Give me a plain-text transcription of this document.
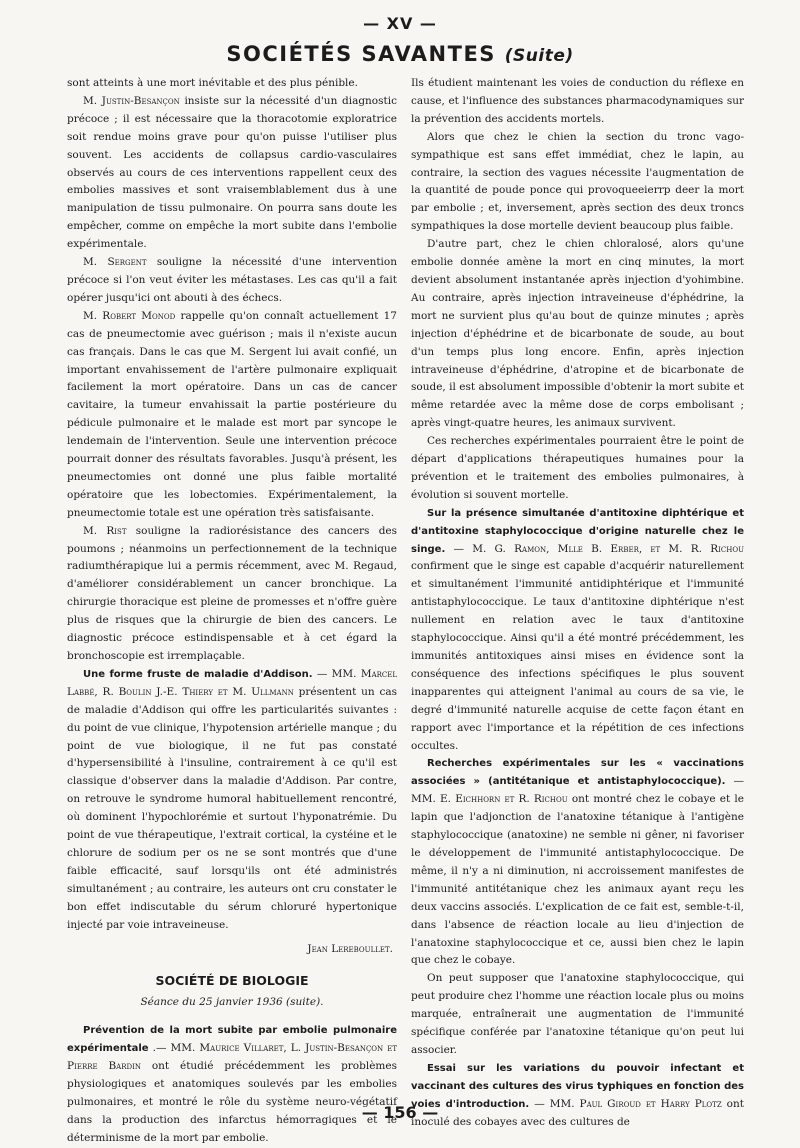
— XV —
SOCIÉTÉS SAVANTES (Suite)

sont atteints à une mort inévitable et des plus pénible.

M. Justin-Besançon insiste sur la nécessité d'un diagnostic précoce ; il est nécessaire que la thoracotomie exploratrice soit rendue moins grave pour qu'on puisse l'utiliser plus souvent. Les accidents de collapsus cardio-vasculaires observés au cours de ces interventions rappellent ceux des embolies massives et sont vraisemblablement dus à une manipulation de tissu pulmonaire. On pourra sans doute les empêcher, comme on empêche la mort subite dans l'embolie expérimentale.

M. Sergent souligne la nécessité d'une intervention précoce si l'on veut éviter les métastases. Les cas qu'il a fait opérer jusqu'ici ont abouti à des échecs.

M. Robert Monod rappelle qu'on connaît actuellement 17 cas de pneumectomie avec guérison ; mais il n'existe aucun cas français. Dans le cas que M. Sergent lui avait confié, un important envahissement de l'artère pulmonaire expliquait facilement la mort opératoire. Dans un cas de cancer cavitaire, la tumeur envahissait la partie postérieure du pédicule pulmonaire et le malade est mort par syncope le lendemain de l'intervention. Seule une intervention précoce pourrait donner des résultats favorables. Jusqu'à présent, les pneumectomies ont donné une plus faible mortalité opératoire que les lobectomies. Expérimentalement, la pneumectomie totale est une opération très satisfaisante.

M. Rist souligne la radiorésistance des cancers des poumons ; néanmoins un perfectionnement de la technique radiumthérapique lui a permis récemment, avec M. Regaud, d'améliorer considérablement un cancer bronchique. La chirurgie thoracique est pleine de promesses et n'offre guère plus de risques que la chirurgie de bien des cancers. Le diagnostic précoce estindispensable et à cet égard la bronchoscopie est irremplaçable.

Une forme fruste de maladie d'Addison. — MM. Marcel Labbé, R. Boulin J.-E. Thiery et M. Ullmann présentent un cas de maladie d'Addison qui offre les particularités suivantes : du point de vue clinique, l'hypotension artérielle manque ; du point de vue biologique, il ne fut pas constaté d'hypersensibilité à l'insuline, contrairement à ce qu'il est classique d'observer dans la maladie d'Addison. Par contre, on retrouve le syndrome humoral habituellement rencontré, où dominent l'hypochlorémie et surtout l'hyponatrémie. Du point de vue thérapeutique, l'extrait cortical, la cystéine et le chlorure de sodium per os ne se sont montrés que d'une faible efficacité, sauf lorsqu'ils ont été administrés simultanément ; au contraire, les auteurs ont cru constater le bon effet indiscutable du sérum chloruré hypertonique injecté par voie intraveineuse.

Jean Lereboullet.

SOCIÉTÉ DE BIOLOGIE

Séance du 25 janvier 1936 (suite).

Prévention de la mort subite par embolie pulmonaire expérimentale .— MM. Maurice Villaret, L. Justin-Besançon et Pierre Bardin ont étudié précédemment les problèmes physiologiques et anatomiques soulevés par les embolies pulmonaires, et montré le rôle du système neuro-végétatif dans la production des infarctus hémorragiques et le déterminisme de la mort par embolie.

Ils étudient maintenant les voies de conduction du réflexe en cause, et l'influence des substances pharmacodynamiques sur la prévention des accidents mortels.

Alors que chez le chien la section du tronc vago-sympathique est sans effet immédiat, chez le lapin, au contraire, la section des vagues nécessite l'augmentation de la quantité de poude ponce qui provoqueeierrp deer la mort par embolie ; et, inversement, après section des deux troncs sympathiques la dose mortelle devient beaucoup plus faible.

D'autre part, chez le chien chloralosé, alors qu'une embolie donnée amène la mort en cinq minutes, la mort devient absolument instantanée après injection d'yohimbine. Au contraire, après injection intraveineuse d'éphédrine, la mort ne survient plus qu'au bout de quinze minutes ; après injection d'éphédrine et de bicarbonate de soude, au bout d'un temps plus long encore. Enfin, après injection intraveineuse d'éphédrine, d'atropine et de bicarbonate de soude, il est absolument impossible d'obtenir la mort subite et même retardée avec la même dose de corps embolisant ; après vingt-quatre heures, les animaux survivent.

Ces recherches expérimentales pourraient être le point de départ d'applications thérapeutiques humaines pour la prévention et le traitement des embolies pulmonaires, à évolution si souvent mortelle.

Sur la présence simultanée d'antitoxine diphtérique et d'antitoxine staphylococcique d'origine naturelle chez le singe. — M. G. Ramon, Mlle B. Erber, et M. R. Richou confirment que le singe est capable d'acquérir naturellement et simultanément l'immunité antidiphtérique et l'immunité antistaphylococcique. Le taux d'antitoxine diphtérique n'est nullement en relation avec le taux d'antitoxine staphylococcique. Ainsi qu'il a été montré précédemment, les immunités antitoxiques ainsi mises en évidence sont la conséquence des infections spécifiques le plus souvent inapparentes qui atteignent l'animal au cours de sa vie, le degré d'immunité naturelle acquise de cette façon étant en rapport avec l'importance et la répétition de ces infections occultes.

Recherches expérimentales sur les « vaccinations associées » (antitétanique et antistaphylococcique). — MM. E. Eichhorn et R. Richou ont montré chez le cobaye et le lapin que l'adjonction de l'anatoxine tétanique à l'antigène staphylococcique (anatoxine) ne semble ni gêner, ni favoriser le développement de l'immunité antistaphylococcique. De même, il n'y a ni diminution, ni accroissement manifestes de l'immunité antitétanique chez les animaux ayant reçu les deux vaccins associés. L'explication de ce fait est, semble-t-il, dans l'absence de réaction locale au lieu d'injection de l'anatoxine staphylococcique et ce, aussi bien chez le lapin que chez le cobaye.

On peut supposer que l'anatoxine staphylococcique, qui peut produire chez l'homme une réaction locale plus ou moins marquée, entraînerait une augmentation de l'immunité spécifique conférée par l'anatoxine tétanique qu'on peut lui associer.

Essai sur les variations du pouvoir infectant et vaccinant des cultures des virus typhiques en fonction des voies d'introduction. — MM. Paul Giroud et Harry Plotz ont inoculé des cobayes avec des cultures de

— 156 —
